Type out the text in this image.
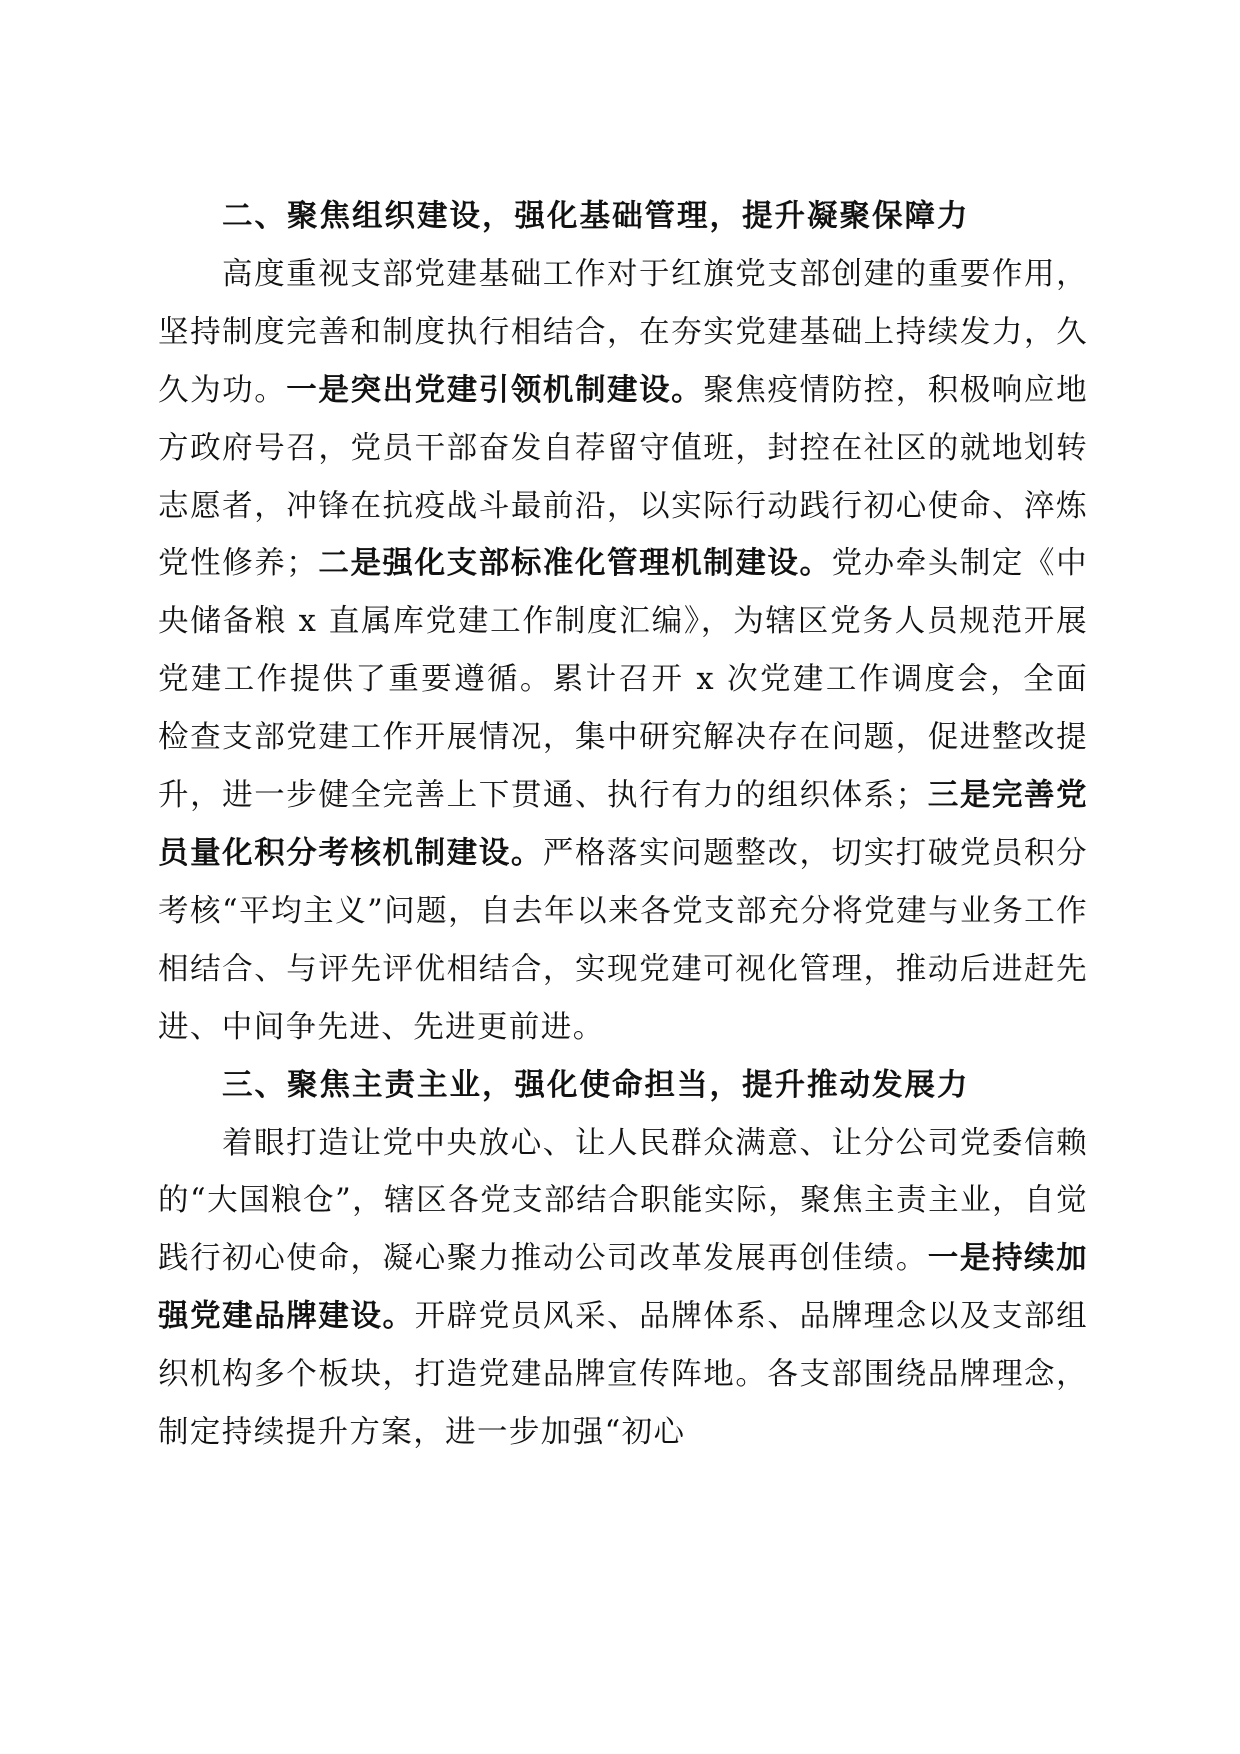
二、聚焦组织建设，强化基础管理，提升凝聚保障力

高度重视支部党建基础工作对于红旗党支部创建的重要作用，坚持制度完善和制度执行相结合，在夯实党建基础上持续发力，久久为功。一是突出党建引领机制建设。聚焦疫情防控，积极响应地方政府号召，党员干部奋发自荐留守值班，封控在社区的就地划转志愿者，冲锋在抗疫战斗最前沿，以实际行动践行初心使命、淬炼党性修养；二是强化支部标准化管理机制建设。党办牵头制定《中央储备粮 x 直属库党建工作制度汇编》，为辖区党务人员规范开展党建工作提供了重要遵循。累计召开 x 次党建工作调度会，全面检查支部党建工作开展情况，集中研究解决存在问题，促进整改提升，进一步健全完善上下贯通、执行有力的组织体系；三是完善党员量化积分考核机制建设。严格落实问题整改，切实打破党员积分考核“平均主义”问题，自去年以来各党支部充分将党建与业务工作相结合、与评先评优相结合，实现党建可视化管理，推动后进赶先进、中间争先进、先进更前进。

三、聚焦主责主业，强化使命担当，提升推动发展力

着眼打造让党中央放心、让人民群众满意、让分公司党委信赖的“大国粮仓”，辖区各党支部结合职能实际，聚焦主责主业，自觉践行初心使命，凝心聚力推动公司改革发展再创佳绩。一是持续加强党建品牌建设。开辟党员风采、品牌体系、品牌理念以及支部组织机构多个板块，打造党建品牌宣传阵地。各支部围绕品牌理念，制定持续提升方案，进一步加强“初心
